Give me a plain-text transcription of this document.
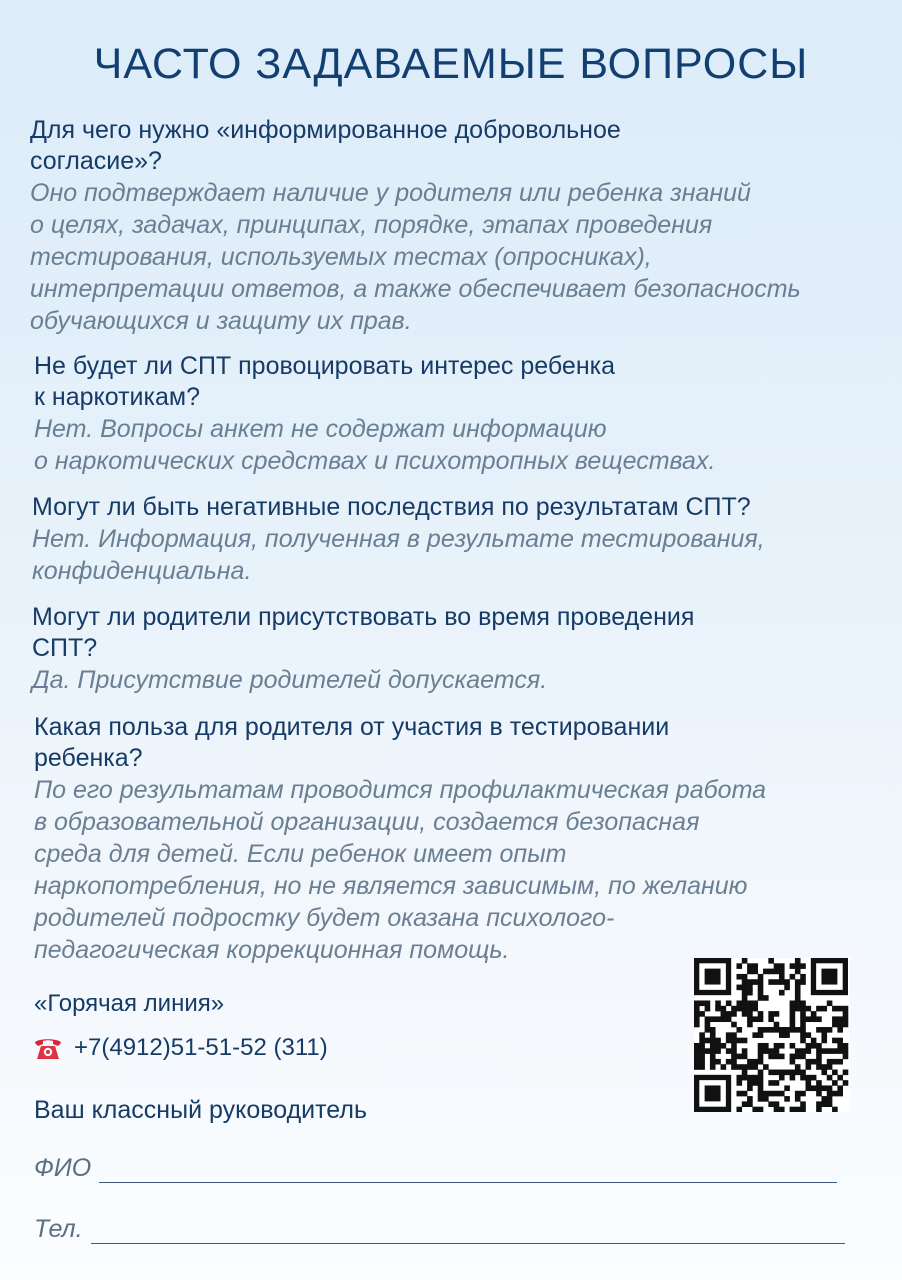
ЧАСТО ЗАДАВАЕМЫЕ ВОПРОСЫ

Для чего нужно «информированное добровольное
согласие»?

Оно подтверждает наличие у родителя или ребенка знаний
о целях, задачах, принципах, порядке, этапах проведения
тестирования, используемых тестах (опросниках),
интерпретации ответов, а также обеспечивает безопасность
обучающихся и защиту их прав.

Не будет ли СПТ провоцировать интерес ребенка
к наркотикам?

Нет. Вопросы анкет не содержат информацию
о наркотических средствах и психотропных веществах.

Могут ли быть негативные последствия по результатам СПТ?

Нет. Информация, полученная в результате тестирования,
конфиденциальна.

Могут ли родители присутствовать во время проведения
СПТ?

Да. Присутствие родителей допускается.

Какая польза для родителя от участия в тестировании
ребенка?

По его результатам проводится профилактическая работа
в образовательной организации, создается безопасная
среда для детей. Если ребенок имеет опыт
наркопотребления, но не является зависимым, по желанию
родителей подростку будет оказана психолого-
педагогическая коррекционная помощь.

«Горячая линия»
+7(4912)51-51-52 (311)
Ваш классный руководитель
ФИО
Тел.
